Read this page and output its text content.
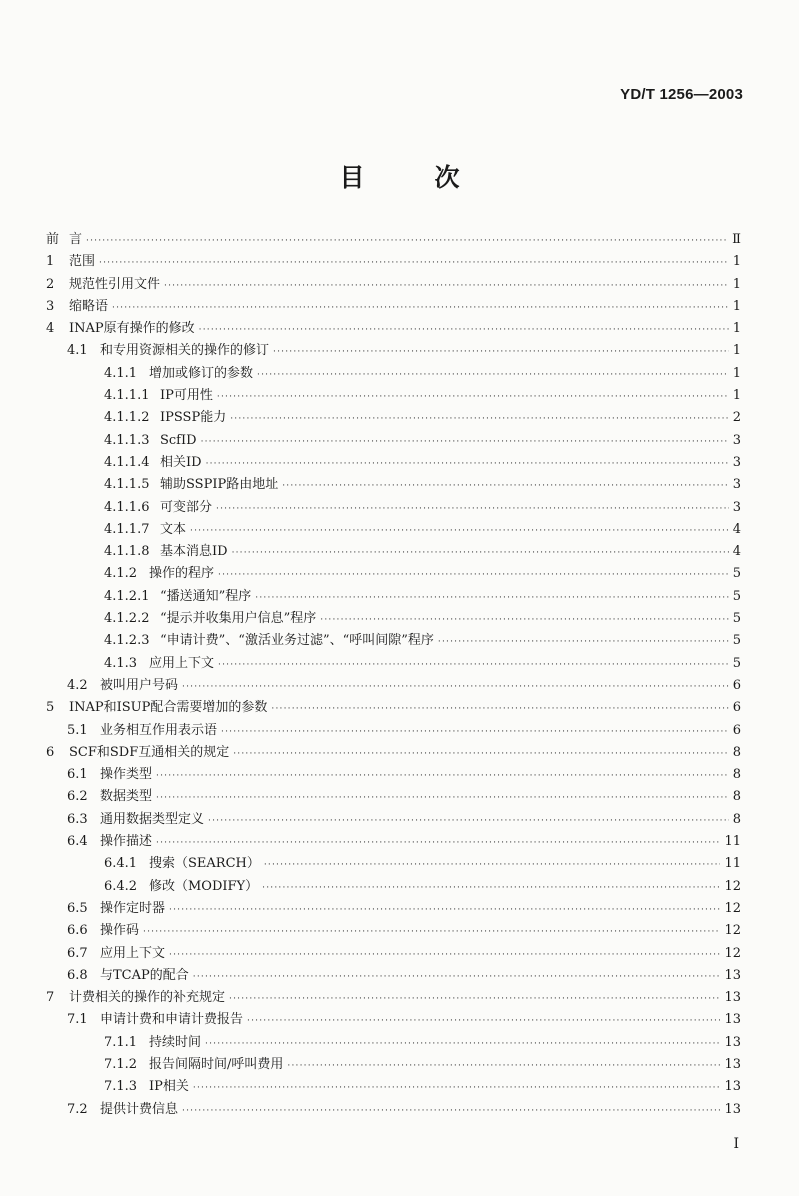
YD/T 1256—2003
目	次
前 言 ·····	Ⅱ
1	范围 ·····	1
2	规范性引用文件 ·····	1
3	缩略语 ·····	1
4	INAP原有操作的修改 ·····	1
4.1 和专用资源相关的操作的修订 ·····	1
4.1.1 增加或修订的参数 ·····	1
4.1.1.1 IP可用性 ·····	1
4.1.1.2 IPSSP能力 ·····	2
4.1.1.3 ScfID ·····	3
4.1.1.4 相关ID ·····	3
4.1.1.5 辅助SSPIP路由地址 ·····	3
4.1.1.6 可变部分 ·····	3
4.1.1.7 文本 ·····	4
4.1.1.8 基本消息ID ·····	4
4.1.2 操作的程序 ·····	5
4.1.2.1 “播送通知”程序 ·····	5
4.1.2.2 “提示并收集用户信息”程序 ·····	5
4.1.2.3 “申请计费”、“激活业务过滤”、“呼叫间隙”程序 ·····	5
4.1.3 应用上下文 ·····	5
4.2 被叫用户号码 ·····	6
5	INAP和ISUP配合需要增加的参数 ·····	6
5.1 业务相互作用表示语 ·····	6
6	SCF和SDF互通相关的规定 ·····	8
6.1 操作类型 ·····	8
6.2 数据类型 ·····	8
6.3 通用数据类型定义 ·····	8
6.4 操作描述 ·····	11
6.4.1 搜索（SEARCH） ·····	11
6.4.2 修改（MODIFY） ·····	12
6.5 操作定时器 ·····	12
6.6 操作码 ·····	12
6.7 应用上下文 ·····	12
6.8 与TCAP的配合 ·····	13
7	计费相关的操作的补充规定 ·····	13
7.1 申请计费和申请计费报告 ·····	13
7.1.1 持续时间 ·····	13
7.1.2 报告间隔时间/呼叫费用 ·····	13
7.1.3 IP相关 ·····	13
7.2 提供计费信息 ·····	13
I
